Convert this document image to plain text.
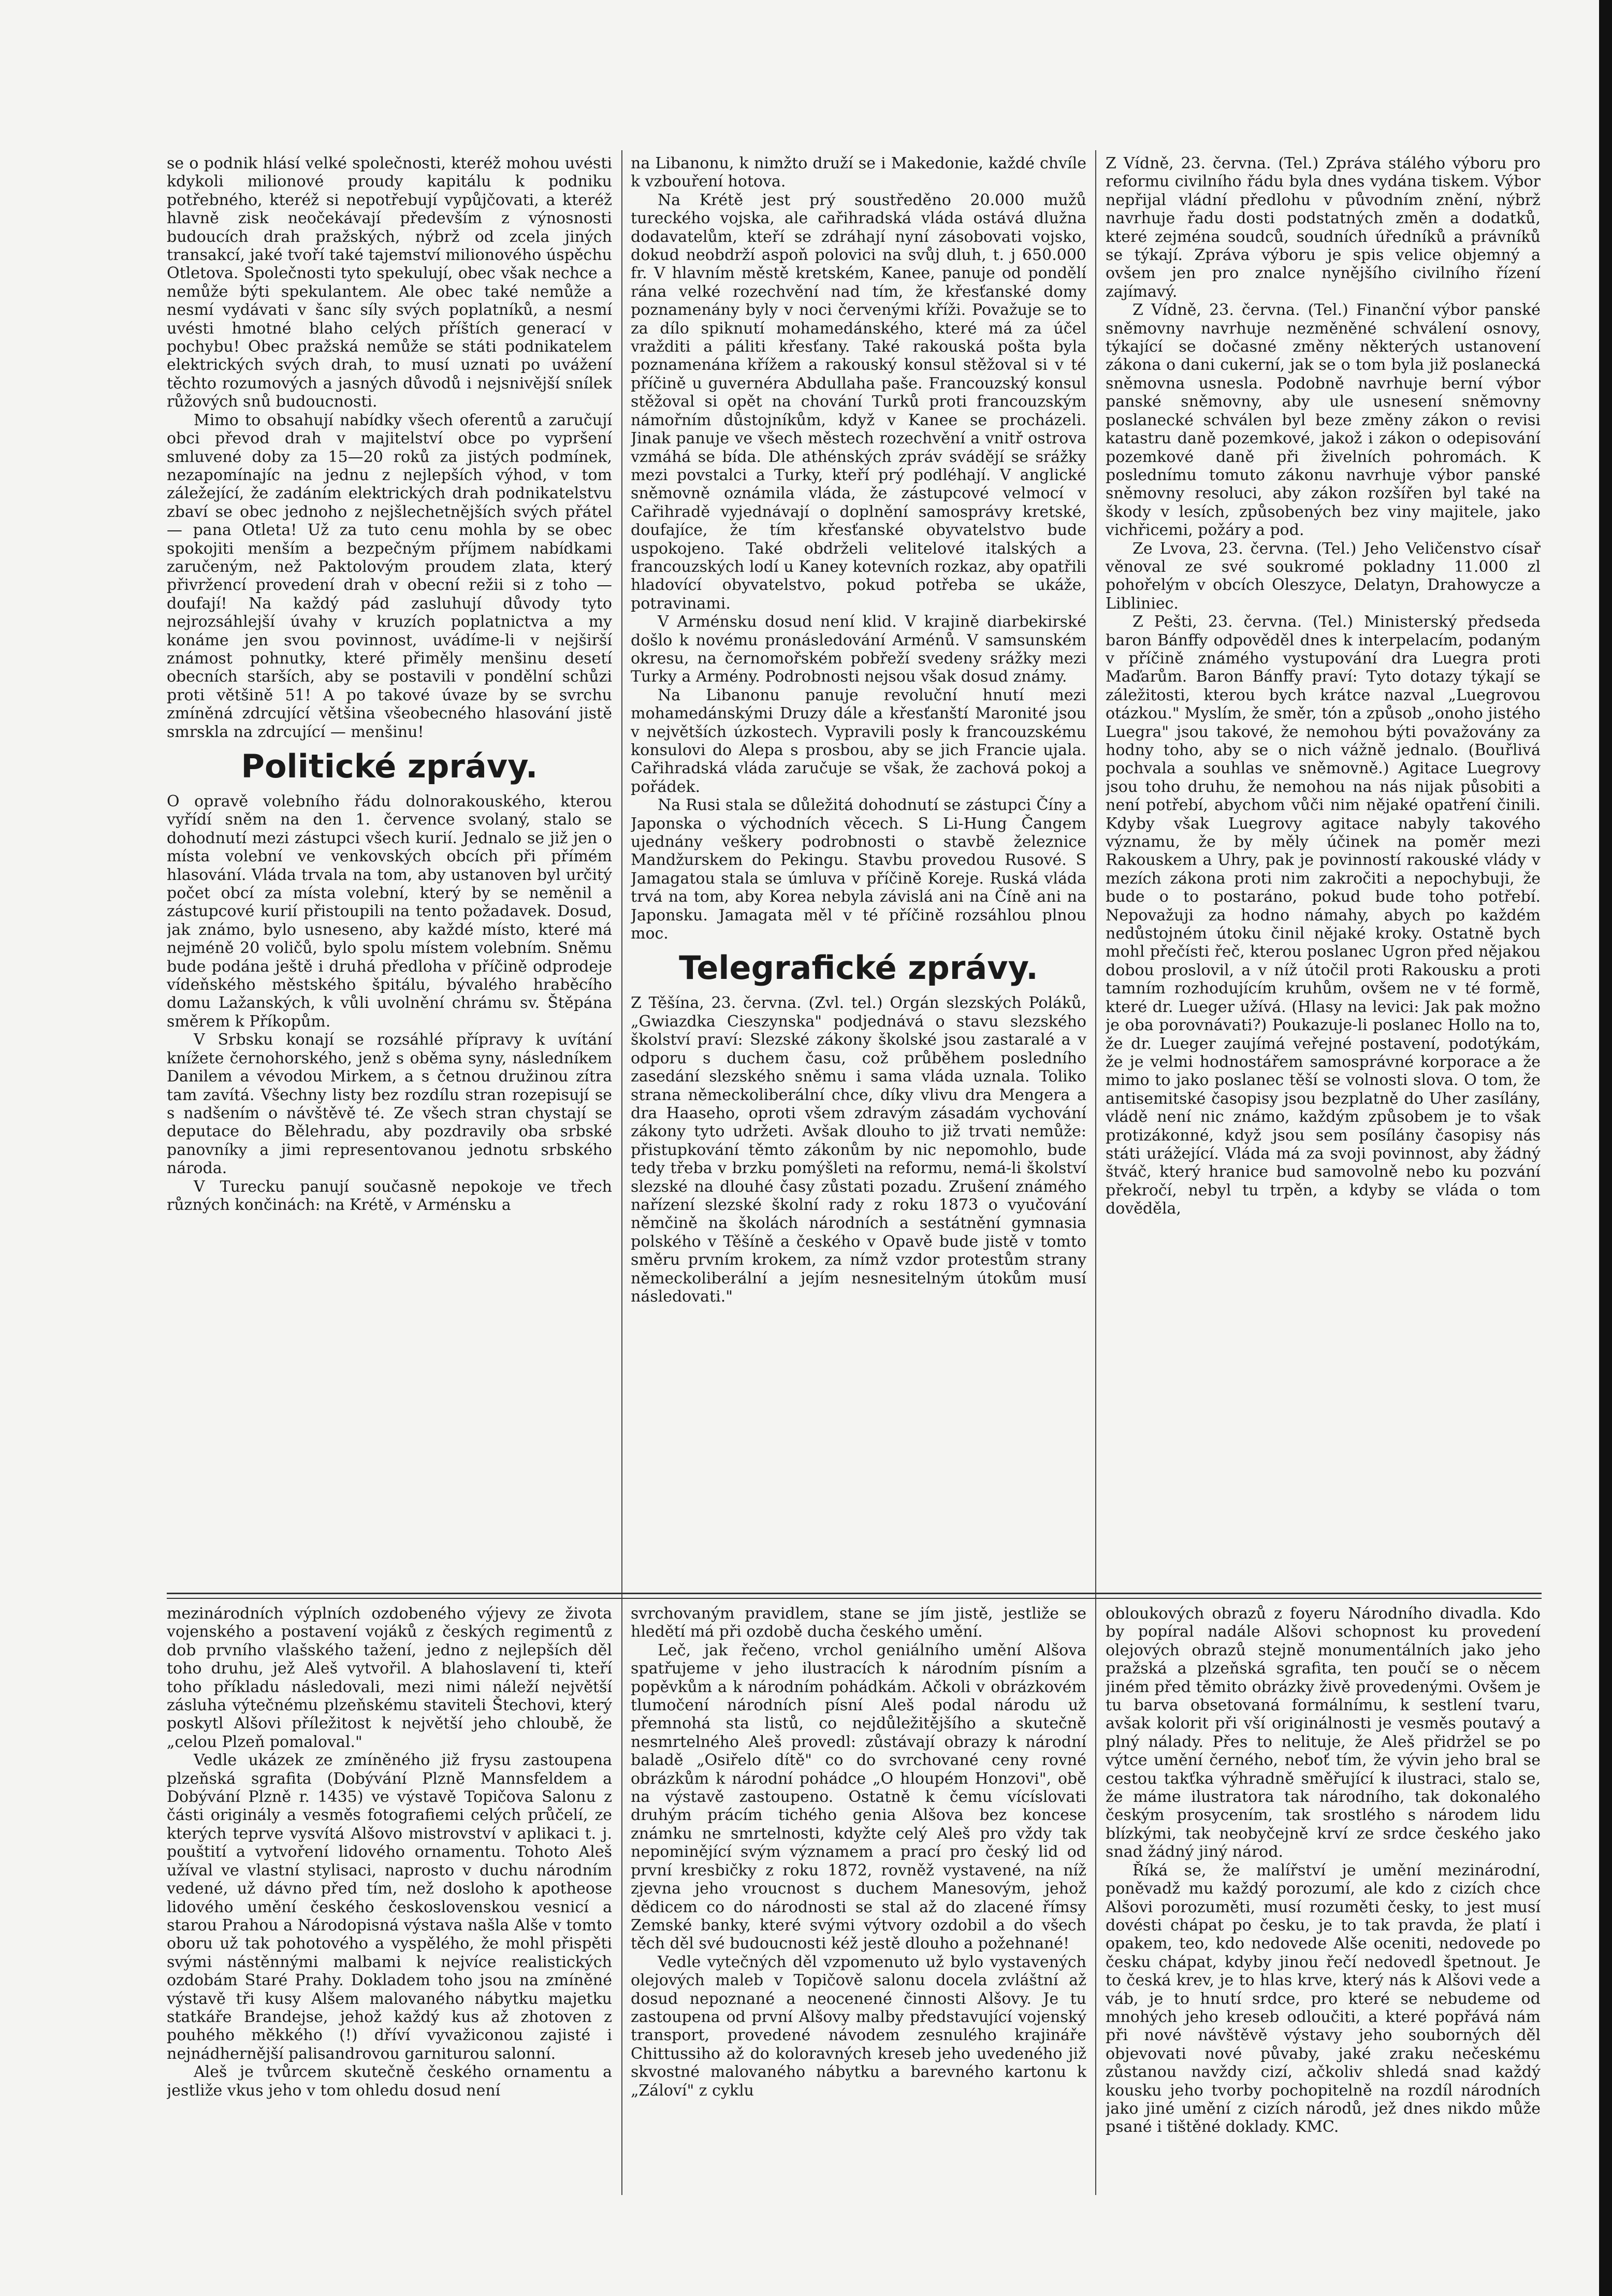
se o podnik hlásí velké společnosti, kteréž mohou uvésti kdykoli milionové proudy kapitálu k podniku potřebného, kteréž si nepotřebují vypůjčovati, a kteréž hlavně zisk neočekávají především z výnosnosti budoucích drah pražských, nýbrž od zcela jiných transakcí, jaké tvoří také tajemství milionového úspěchu Otletova. Společnosti tyto spekulují, obec však nechce a nemůže býti spekulantem. Ale obec také nemůže a nesmí vydávati v šanc síly svých poplatníků, a nesmí uvésti hmotné blaho celých příštích generací v pochybu! Obec pražská nemůže se státi podnikatelem elektrických svých drah, to musí uznati po uvážení těchto rozumových a jasných důvodů i nejsnivější snílek růžových snů budoucnosti.

Mimo to obsahují nabídky všech oferentů a zaručují obci převod drah v majitelství obce po vypršení smluvené doby za 15—20 roků za jistých podmínek, nezapomínajíc na jednu z nejlepších výhod, v tom záležející, že zadáním elektrických drah podnikatelstvu zbaví se obec jednoho z nejšlechetnějších svých přátel — pana Otleta! Už za tuto cenu mohla by se obec spokojiti menším a bezpečným příjmem nabídkami zaručeným, než Paktolovým proudem zlata, který přivržencí provedení drah v obecní režii si z toho — doufají! Na každý pád zasluhují důvody tyto nejrozsáhlejší úvahy v kruzích poplatnictva a my konáme jen svou povinnost, uvádíme-li v nejširší známost pohnutky, které přiměly menšinu desetí obecních starších, aby se postavili v pondělní schůzi proti většině 51! A po takové úvaze by se svrchu zmíněná zdrcující většina všeobecného hlasování jistě smrskla na zdrcující — menšinu!

Politické zprávy.

O opravě volebního řádu dolnorakouského, kterou vyřídí sněm na den 1. července svolaný, stalo se dohodnutí mezi zástupci všech kurií. Jednalo se již jen o místa volební ve venkovských obcích při přímém hlasování. Vláda trvala na tom, aby ustanoven byl určitý počet obcí za místa volební, který by se neměnil a zástupcové kurií přistoupili na tento požadavek. Dosud, jak známo, bylo usneseno, aby každé místo, které má nejméně 20 voličů, bylo spolu místem volebním. Sněmu bude podána ještě i druhá předloha v příčině odprodeje vídeňského městského špitálu, bývalého hraběcího domu Lažanských, k vůli uvolnění chrámu sv. Štěpána směrem k Příkopům.

V Srbsku konají se rozsáhlé přípravy k uvítání knížete černohorského, jenž s oběma syny, následníkem Danilem a vévodou Mirkem, a s četnou družinou zítra tam zavítá. Všechny listy bez rozdílu stran rozepisují se s nadšením o návštěvě té. Ze všech stran chystají se deputace do Bělehradu, aby pozdravily oba srbské panovníky a jimi representovanou jednotu srbského národa.

V Turecku panují současně nepokoje ve třech různých končinách: na Krétě, v Arménsku a

na Libanonu, k nimžto druží se i Makedonie, každé chvíle k vzbouření hotova.

Na Krétě jest prý soustředěno 20.000 mužů tureckého vojska, ale cařihradská vláda ostává dlužna dodavatelům, kteří se zdráhají nyní zásobovati vojsko, dokud neobdrží aspoň polovici na svůj dluh, t. j 650.000 fr. V hlavním městě kretském, Kanee, panuje od pondělí rána velké rozechvění nad tím, že křesťanské domy poznamenány byly v noci červenými kříži. Považuje se to za dílo spiknutí mohamedánského, které má za účel vražditi a páliti křesťany. Také rakouská pošta byla poznamenána křížem a rakouský konsul stěžoval si v té příčině u guvernéra Abdullaha paše. Francouzský konsul stěžoval si opět na chování Turků proti francouzským námořním důstojníkům, když v Kanee se procházeli. Jinak panuje ve všech městech rozechvění a vnitř ostrova vzmáhá se bída. Dle athénských zpráv svádějí se srážky mezi povstalci a Turky, kteří prý podléhají. V anglické sněmovně oznámila vláda, že zástupcové velmocí v Cařihradě vyjednávají o doplnění samosprávy kretské, doufajíce, že tím křesťanské obyvatelstvo bude uspokojeno. Také obdrželi velitelové italských a francouzských lodí u Kaney kotevních rozkaz, aby opatřili hladovící obyvatelstvo, pokud potřeba se ukáže, potravinami.

V Arménsku dosud není klid. V krajině diarbekirské došlo k novému pronásledování Arménů. V samsunském okresu, na černomořském pobřeží svedeny srážky mezi Turky a Armény. Podrobnosti nejsou však dosud známy.

Na Libanonu panuje revoluční hnutí mezi mohamedánskými Druzy dále a křesťanští Maronité jsou v největších úzkostech. Vypravili posly k francouzskému konsulovi do Alepa s prosbou, aby se jich Francie ujala. Cařihradská vláda zaručuje se však, že zachová pokoj a pořádek.

Na Rusi stala se důležitá dohodnutí se zástupci Číny a Japonska o východních věcech. S Li-Hung Čangem ujednány veškery podrobnosti o stavbě železnice Mandžurskem do Pekingu. Stavbu provedou Rusové. S Jamagatou stala se úmluva v příčině Koreje. Ruská vláda trvá na tom, aby Korea nebyla závislá ani na Číně ani na Japonsku. Jamagata měl v té příčině rozsáhlou plnou moc.

Telegrafické zprávy.

Z Těšína, 23. června. (Zvl. tel.) Orgán slezských Poláků, „Gwiazdka Cieszynska" podjednává o stavu slezského školství praví: Slezské zákony školské jsou zastaralé a v odporu s duchem času, což průběhem posledního zasedání slezského sněmu i sama vláda uznala. Toliko strana německoliberální chce, díky vlivu dra Mengera a dra Haaseho, oproti všem zdravým zásadám vychování zákony tyto udržeti. Avšak dlouho to již trvati nemůže: přistupkování těmto zákonům by nic nepomohlo, bude tedy třeba v brzku pomýšleti na reformu, nemá-li školství slezské na dlouhé časy zůstati pozadu. Zrušení známého nařízení slezské školní rady z roku 1873 o vyučování němčině na školách národních a sestátnění gymnasia polského v Těšíně a českého v Opavě bude jistě v tomto směru prvním krokem, za nímž vzdor protestům strany německoliberální a jejím nesnesitelným útokům musí následovati."

Z Vídně, 23. června. (Tel.) Zpráva stálého výboru pro reformu civilního řádu byla dnes vydána tiskem. Výbor nepřijal vládní předlohu v původním znění, nýbrž navrhuje řadu dosti podstatných změn a dodatků, které zejména soudců, soudních úředníků a právníků se týkají. Zpráva výboru je spis velice objemný a ovšem jen pro znalce nynějšího civilního řízení zajímavý.

Z Vídně, 23. června. (Tel.) Finanční výbor panské sněmovny navrhuje nezměněné schválení osnovy, týkající se dočasné změny některých ustanovení zákona o dani cukerní, jak se o tom byla již poslanecká sněmovna usnesla. Podobně navrhuje berní výbor panské sněmovny, aby ule usnesení sněmovny poslanecké schválen byl beze změny zákon o revisi katastru daně pozemkové, jakož i zákon o odepisování pozemkové daně při živelních pohromách. K poslednímu tomuto zákonu navrhuje výbor panské sněmovny resoluci, aby zákon rozšířen byl také na škody v lesích, způsobených bez viny majitele, jako vichřicemi, požáry a pod.

Ze Lvova, 23. června. (Tel.) Jeho Veličenstvo císař věnoval ze své soukromé pokladny 11.000 zl pohořelým v obcích Oleszyce, Delatyn, Drahowycze a Libliniec.

Z Pešti, 23. června. (Tel.) Ministerský předseda baron Bánffy odpověděl dnes k interpelacím, podaným v příčině známého vystupování dra Luegra proti Maďarům. Baron Bánffy praví: Tyto dotazy týkají se záležitosti, kterou bych krátce nazval „Luegrovou otázkou." Myslím, že směr, tón a způsob „onoho jistého Luegra" jsou takové, že nemohou býti považovány za hodny toho, aby se o nich vážně jednalo. (Bouřlivá pochvala a souhlas ve sněmovně.) Agitace Luegrovy jsou toho druhu, že nemohou na nás nijak působiti a není potřebí, abychom vůči nim nějaké opatření činili. Kdyby však Luegrovy agitace nabyly takového významu, že by měly účinek na poměr mezi Rakouskem a Uhry, pak je povinností rakouské vlády v mezích zákona proti nim zakročiti a nepochybuji, že bude o to postaráno, pokud bude toho potřebí. Nepovažuji za hodno námahy, abych po každém nedůstojném útoku činil nějaké kroky. Ostatně bych mohl přečísti řeč, kterou poslanec Ugron před nějakou dobou proslovil, a v níž útočil proti Rakousku a proti tamním rozhodujícím kruhům, ovšem ne v té formě, které dr. Lueger užívá. (Hlasy na levici: Jak pak možno je oba porovnávati?) Poukazuje-li poslanec Hollo na to, že dr. Lueger zaujímá veřejné postavení, podotýkám, že je velmi hodnostářem samosprávné korporace a že mimo to jako poslanec těší se volnosti slova. O tom, že antisemitské časopisy jsou bezplatně do Uher zasílány, vládě není nic známo, každým způsobem je to však protizákonné, když jsou sem posílány časopisy nás státi urážející. Vláda má za svoji povinnost, aby žádný štváč, který hranice bud samovolně nebo ku pozvání překročí, nebyl tu trpěn, a kdyby se vláda o tom dověděla,

mezinárodních výplních ozdobeného výjevy ze života vojenského a postavení vojáků z českých regimentů z dob prvního vlašského tažení, jedno z nejlepších děl toho druhu, jež Aleš vytvořil. A blahoslavení ti, kteří toho příkladu následovali, mezi nimi náleží největší zásluha výtečnému plzeňskému staviteli Štechovi, který poskytl Alšovi příležitost k největší jeho chloubě, že „celou Plzeň pomaloval."

Vedle ukázek ze zmíněného již frysu zastoupena plzeňská sgrafita (Dobývání Plzně Mannsfeldem a Dobývání Plzně r. 1435) ve výstavě Topičova Salonu z části originály a vesměs fotografiemi celých průčelí, ze kterých teprve vysvítá Alšovo mistrovství v aplikaci t. j. pouštití a vytvoření lidového ornamentu. Tohoto Aleš užíval ve vlastní stylisaci, naprosto v duchu národním vedené, už dávno před tím, než dosloho k apotheose lidového umění českého československou vesnicí a starou Prahou a Národopisná výstava našla Alše v tomto oboru už tak pohotového a vyspělého, že mohl přispěti svými nástěnnými malbami k nejvíce realistických ozdobám Staré Prahy. Dokladem toho jsou na zmíněné výstavě tři kusy Alšem malovaného nábytku majetku statkáře Brandejse, jehož každý kus až zhotoven z pouhého měkkého (!) dříví vyvažiconou zajisté i nejnádhernější palisandrovou garniturou salonní.

Aleš je tvůrcem skutečně českého ornamentu a jestliže vkus jeho v tom ohledu dosud není

svrchovaným pravidlem, stane se jím jistě, jestliže se hledětí má při ozdobě ducha českého umění.

Leč, jak řečeno, vrchol geniálního umění Alšova spatřujeme v jeho ilustracích k národním písním a popěvkům a k národním pohádkám. Ačkoli v obrázkovém tlumočení národních písní Aleš podal národu už přemnohá sta listů, co nejdůležitějšího a skutečně nesmrtelného Aleš provedl: zůstávají obrazy k národní baladě „Osiřelo dítě" co do svrchované ceny rovné obrázkům k národní pohádce „O hloupém Honzovi", obě na výstavě zastoupeno. Ostatně k čemu vícíslovati druhým prácím tichého genia Alšova bez koncese známku ne smrtelnosti, kdyžte celý Aleš pro vždy tak nepominějící svým významem a prací pro český lid od první kresbičky z roku 1872, rovněž vystavené, na níž zjevna jeho vroucnost s duchem Manesovým, jehož dědicem co do národnosti se stal až do zlacené římsy Zemské banky, které svými výtvory ozdobil a do všech těch děl své budoucnosti kéž jestě dlouho a požehnané!

Vedle vytečných děl vzpomenuto už bylo vystavených olejových maleb v Topičově salonu docela zvláštní až dosud nepoznané a neocenené činnosti Alšovy. Je tu zastoupena od první Alšovy malby představující vojenský transport, provedené návodem zesnulého krajináře Chittussiho až do koloravných kreseb jeho uvedeného již skvostné malovaného nábytku a barevného kartonu k „Záloví" z cyklu

obloukových obrazů z foyeru Národního divadla. Kdo by popíral nadále Alšovi schopnost ku provedení olejových obrazů stejně monumentálních jako jeho pražská a plzeňská sgrafita, ten poučí se o něcem jiném před těmito obrázky živě provedenými. Ovšem je tu barva obsetovaná formálnímu, k sestlení tvaru, avšak kolorit při vší originálnosti je vesměs poutavý a plný nálady. Přes to nelituje, že Aleš přidržel se po výtce umění černého, neboť tím, že vývin jeho bral se cestou takťka výhradně směřující k ilustraci, stalo se, že máme ilustratora tak národního, tak dokonalého českým prosycením, tak srostlého s národem lidu blízkými, tak neobyčejně krví ze srdce českého jako snad žádný jiný národ.

Říká se, že malířství je umění mezinárodní, poněvadž mu každý porozumí, ale kdo z cizích chce Alšovi porozuměti, musí rozuměti česky, to jest musí dovésti chápat po česku, je to tak pravda, že platí i opakem, teo, kdo nedovede Alše oceniti, nedovede po česku chápat, kdyby jinou řečí nedovedl špetnout. Je to česká krev, je to hlas krve, který nás k Alšovi vede a váb, je to hnutí srdce, pro které se nebudeme od mnohých jeho kreseb odloučiti, a které popřává nám při nové návštěvě výstavy jeho souborných děl objevovati nové půvaby, jaké zraku nečeskému zůstanou navždy cizí, ačkoliv shledá snad každý kousku jeho tvorby pochopitelně na rozdíl národních jako jiné umění z cizích národů, jež dnes nikdo může psané i tištěné doklady. KMC.
